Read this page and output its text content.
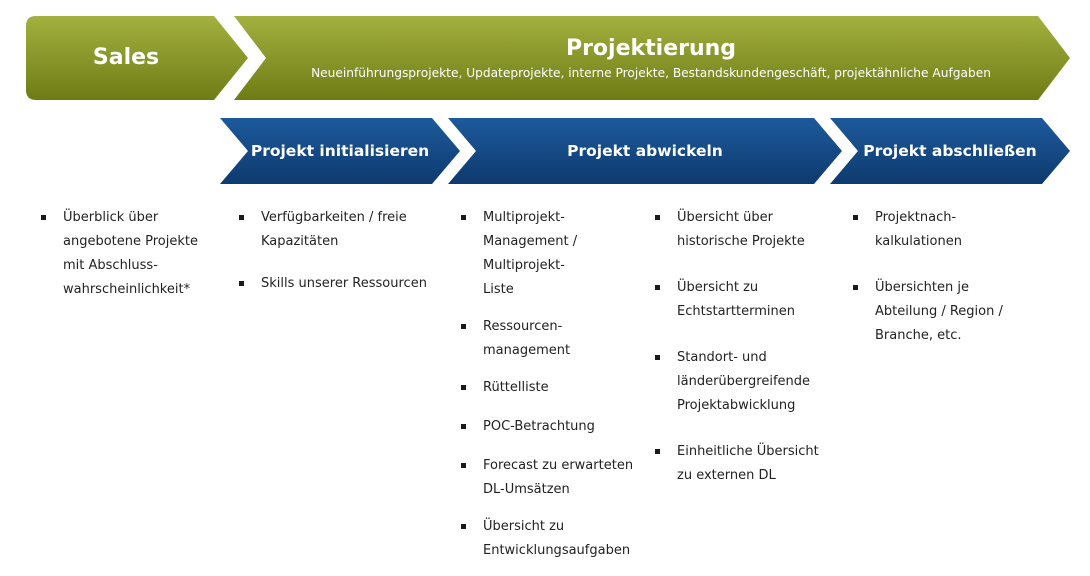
Sales	Projektierung
Neueinführungsprojekte, Updateprojekte, interne Projekte, Bestandskundengeschäft, projektähnliche Aufgaben
Projekt initialisieren	Projekt abwickeln	Projekt abschließen
Überblick über angebotene Projekte mit Abschluss-wahrscheinlichkeit*
Verfügbarkeiten / freie Kapazitäten
Skills unserer Ressourcen
Multiprojekt-Management / Multiprojekt-Liste
Ressourcen-management
Rüttelliste
POC-Betrachtung
Forecast zu erwarteten DL-Umsätzen
Übersicht zu Entwicklungsaufgaben
Übersicht über historische Projekte
Übersicht zu Echtstartterminen
Standort- und länderübergreifende Projektabwicklung
Einheitliche Übersicht zu externen DL
Projektnach-kalkulationen
Übersichten je Abteilung / Region / Branche, etc.
